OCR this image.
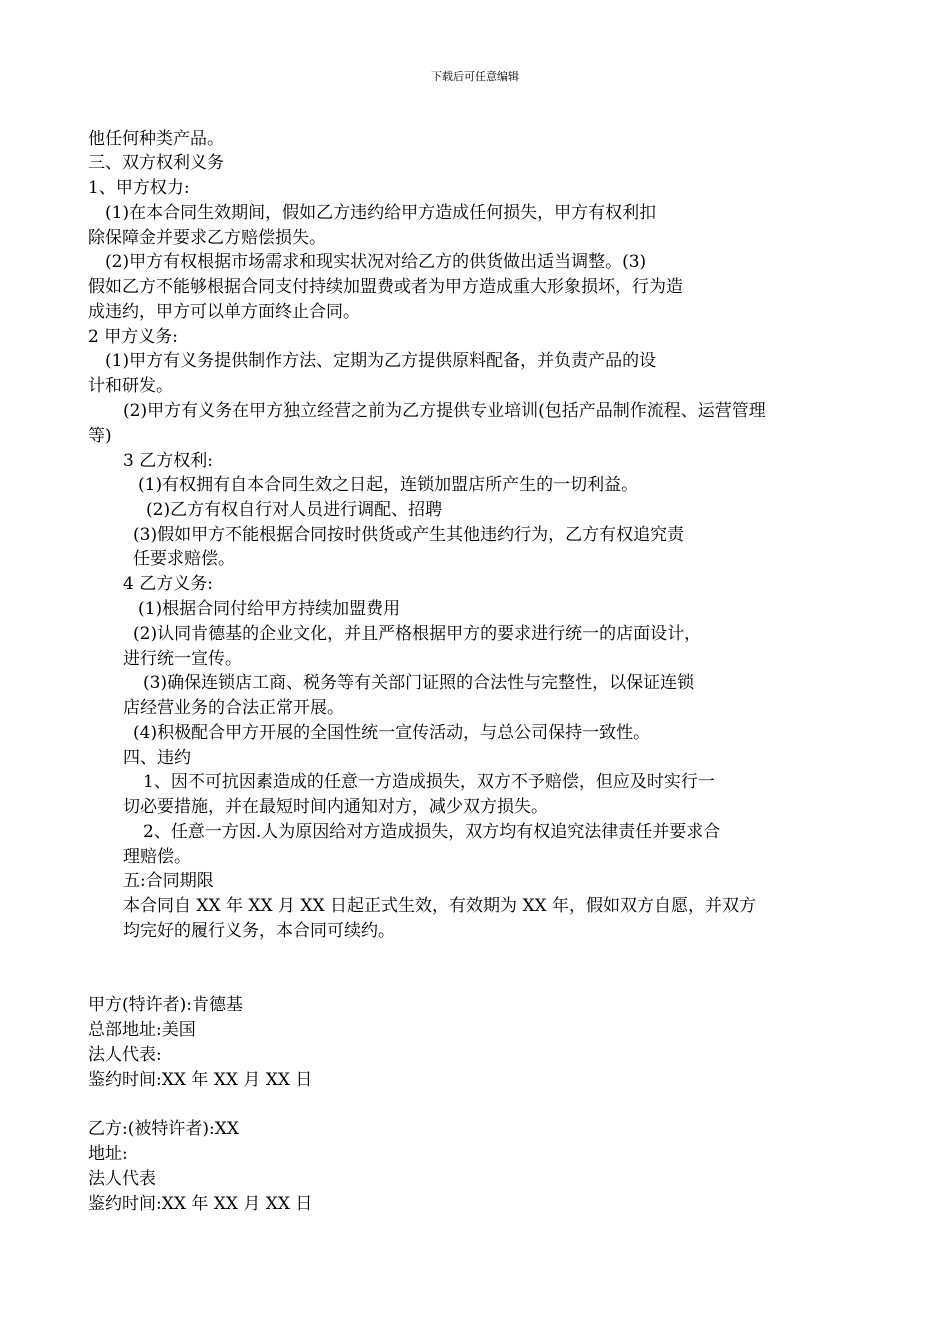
下载后可任意编辑
他任何种类产品。
三、双方权利义务
1、甲方权力:
(1)在本合同生效期间，假如乙方违约给甲方造成任何损失，甲方有权利扣
除保障金并要求乙方赔偿损失。
(2)甲方有权根据市场需求和现实状况对给乙方的供货做出适当调整。(3)
假如乙方不能够根据合同支付持续加盟费或者为甲方造成重大形象损坏，行为造
成违约，甲方可以单方面终止合同。
2 甲方义务:
(1)甲方有义务提供制作方法、定期为乙方提供原料配备，并负责产品的设
计和研发。
(2)甲方有义务在甲方独立经营之前为乙方提供专业培训(包括产品制作流程、运营管理
等)
3 乙方权利:
(1)有权拥有自本合同生效之日起，连锁加盟店所产生的一切利益。
(2)乙方有权自行对人员进行调配、招聘
(3)假如甲方不能根据合同按时供货或产生其他违约行为，乙方有权追究责
任要求赔偿。
4 乙方义务:
(1)根据合同付给甲方持续加盟费用
(2)认同肯德基的企业文化，并且严格根据甲方的要求进行统一的店面设计，
进行统一宣传。
(3)确保连锁店工商、税务等有关部门证照的合法性与完整性，以保证连锁
店经营业务的合法正常开展。
(4)积极配合甲方开展的全国性统一宣传活动，与总公司保持一致性。
四、违约
1、因不可抗因素造成的任意一方造成损失，双方不予赔偿，但应及时实行一
切必要措施，并在最短时间内通知对方，减少双方损失。
2、任意一方因.人为原因给对方造成损失，双方均有权追究法律责任并要求合
理赔偿。
五:合同期限
本合同自 XX 年 XX 月 XX 日起正式生效，有效期为 XX 年，假如双方自愿，并双方
均完好的履行义务，本合同可续约。
甲方(特许者):肯德基
总部地址:美国
法人代表:
鉴约时间:XX 年 XX 月 XX 日
乙方:(被特许者):XX
地址:
法人代表
鉴约时间:XX 年 XX 月 XX 日
